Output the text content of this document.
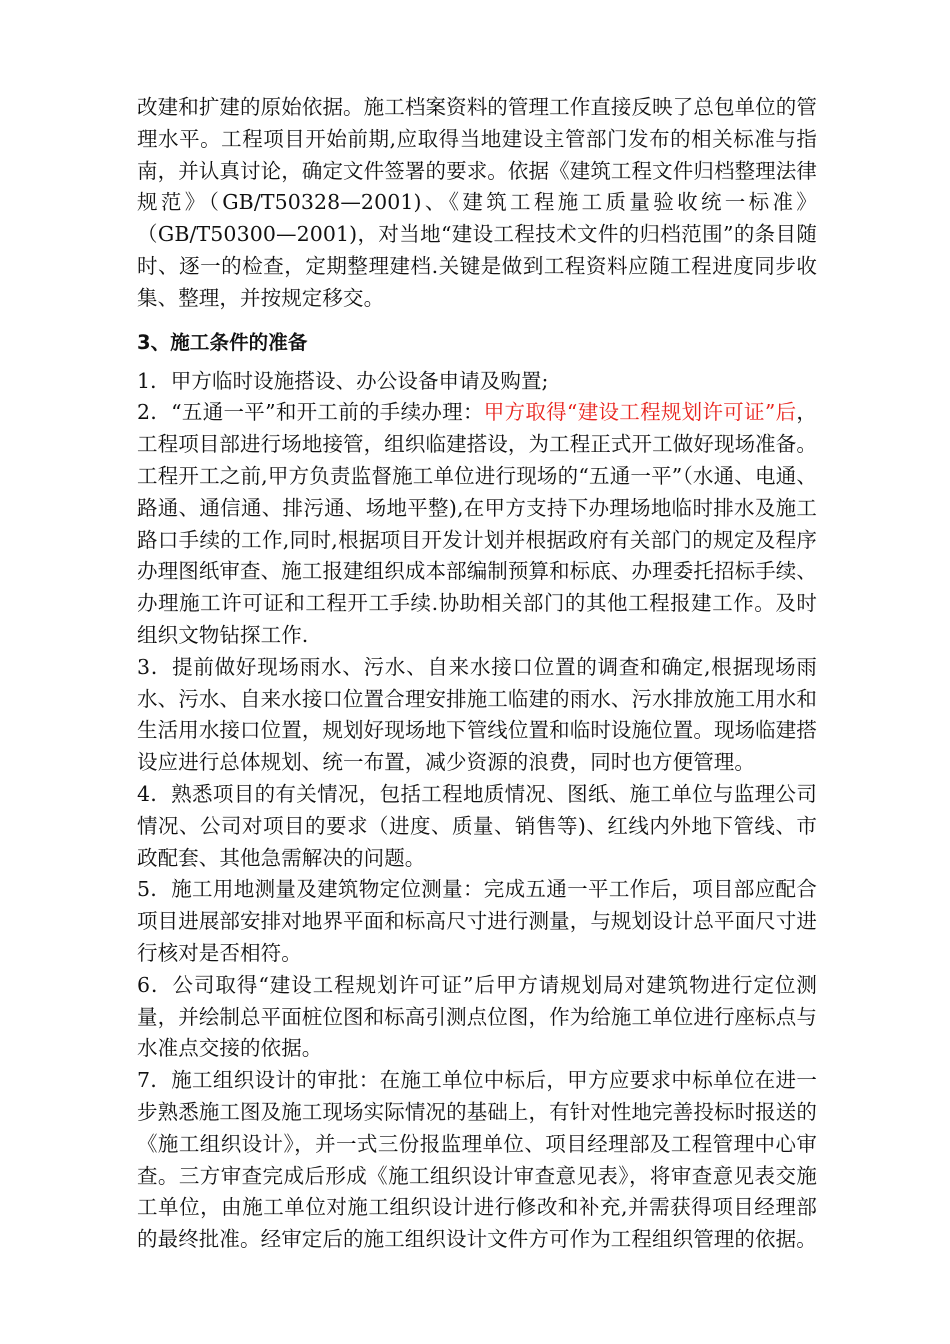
改建和扩建的原始依据。施工档案资料的管理工作直接反映了总包单位的管理水平。工程项目开始前期,应取得当地建设主管部门发布的相关标准与指南，并认真讨论，确定文件签署的要求。依据《建筑工程文件归档整理法律规范》（GB/T50328—2001)、《建筑工程施工质量验收统一标准》（GB/T50300—2001)，对当地“建设工程技术文件的归档范围”的条目随时、逐一的检查，定期整理建档.关键是做到工程资料应随工程进度同步收集、整理，并按规定移交。

3、施工条件的准备

1．甲方临时设施搭设、办公设备申请及购置;

2．“五通一平”和开工前的手续办理：甲方取得“建设工程规划许可证”后，工程项目部进行场地接管，组织临建搭设，为工程正式开工做好现场准备。工程开工之前,甲方负责监督施工单位进行现场的“五通一平”（水通、电通、路通、通信通、排污通、场地平整),在甲方支持下办理场地临时排水及施工路口手续的工作,同时,根据项目开发计划并根据政府有关部门的规定及程序办理图纸审查、施工报建组织成本部编制预算和标底、办理委托招标手续、办理施工许可证和工程开工手续.协助相关部门的其他工程报建工作。及时组织文物钻探工作.

3．提前做好现场雨水、污水、自来水接口位置的调查和确定,根据现场雨水、污水、自来水接口位置合理安排施工临建的雨水、污水排放施工用水和生活用水接口位置，规划好现场地下管线位置和临时设施位置。现场临建搭设应进行总体规划、统一布置，减少资源的浪费，同时也方便管理。

4．熟悉项目的有关情况，包括工程地质情况、图纸、施工单位与监理公司情况、公司对项目的要求（进度、质量、销售等)、红线内外地下管线、市政配套、其他急需解决的问题。

5．施工用地测量及建筑物定位测量：完成五通一平工作后，项目部应配合项目进展部安排对地界平面和标高尺寸进行测量，与规划设计总平面尺寸进行核对是否相符。

6．公司取得“建设工程规划许可证”后甲方请规划局对建筑物进行定位测量，并绘制总平面桩位图和标高引测点位图，作为给施工单位进行座标点与水准点交接的依据。

7．施工组织设计的审批：在施工单位中标后，甲方应要求中标单位在进一步熟悉施工图及施工现场实际情况的基础上，有针对性地完善投标时报送的《施工组织设计》，并一式三份报监理单位、项目经理部及工程管理中心审查。三方审查完成后形成《施工组织设计审查意见表》，将审查意见表交施工单位，由施工单位对施工组织设计进行修改和补充,并需获得项目经理部的最终批准。经审定后的施工组织设计文件方可作为工程组织管理的依据。
